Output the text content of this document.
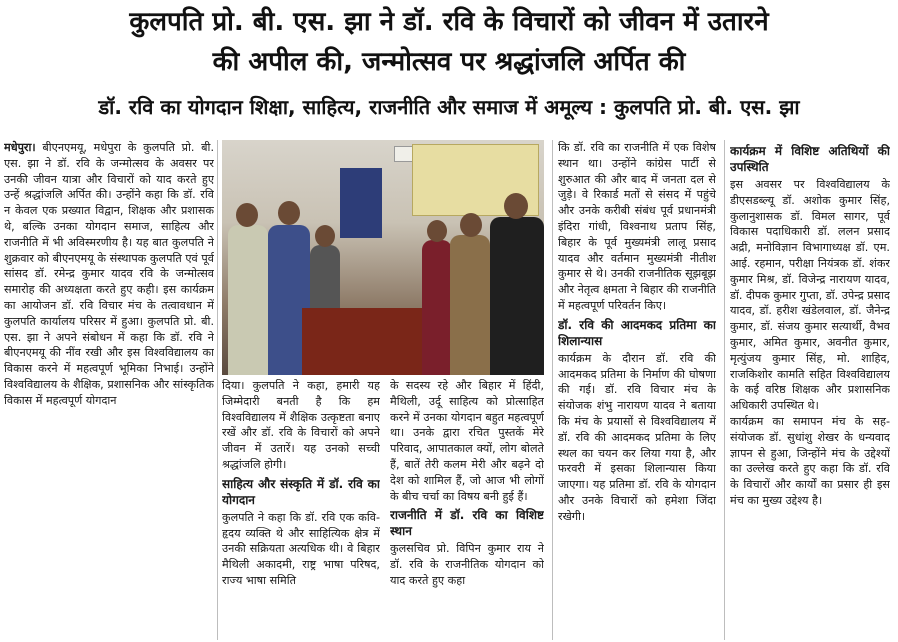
कुलपति प्रो. बी. एस. झा ने डॉ. रवि के विचारों को जीवन में उतारने
की अपील की, जन्मोत्सव पर श्रद्धांजलि अर्पित की
डॉ. रवि का योगदान शिक्षा, साहित्य, राजनीति और समाज में अमूल्य : कुलपति प्रो. बी. एस. झा

मधेपुरा। बीएनएमयू, मधेपुरा के कुलपति प्रो. बी. एस. झा ने डॉ. रवि के जन्मोत्सव के अवसर पर उनकी जीवन यात्रा और विचारों को याद करते हुए उन्हें श्रद्धांजलि अर्पित की। उन्होंने कहा कि डॉ. रवि न केवल एक प्रख्यात विद्वान, शिक्षक और प्रशासक थे, बल्कि उनका योगदान समाज, साहित्य और राजनीति में भी अविस्मरणीय है। यह बात कुलपति ने शुक्रवार को बीएनएमयू के संस्थापक कुलपति एवं पूर्व सांसद डॉ. रमेन्द्र कुमार यादव रवि के जन्मोत्सव समारोह की अध्यक्षता करते हुए कही। इस कार्यक्रम का आयोजन डॉ. रवि विचार मंच के तत्वावधान में कुलपति कार्यालय परिसर में हुआ। कुलपति प्रो. बी. एस. झा ने अपने संबोधन में कहा कि डॉ. रवि ने बीएनएमयू की नींव रखी और इस विश्वविद्यालय का विकास करने में महत्वपूर्ण भूमिका निभाई। उन्होंने विश्वविद्यालय के शैक्षिक, प्रशासनिक और सांस्कृतिक विकास में महत्वपूर्ण योगदान

दिया। कुलपति ने कहा, हमारी यह जिम्मेदारी बनती है कि हम विश्वविद्यालय में शैक्षिक उत्कृष्टता बनाए रखें और डॉ. रवि के विचारों को अपने जीवन में उतारें। यह उनको सच्ची श्रद्धांजलि होगी।

साहित्य और संस्कृति में डॉ. रवि का योगदान

कुलपति ने कहा कि डॉ. रवि एक कवि-हृदय व्यक्ति थे और साहित्यिक क्षेत्र में उनकी सक्रियता अत्यधिक थी। वे बिहार मैथिली अकादमी, राष्ट्र भाषा परिषद, राज्य भाषा समिति

के सदस्य रहे और बिहार में हिंदी, मैथिली, उर्दू साहित्य को प्रोत्साहित करने में उनका योगदान बहुत महत्वपूर्ण था। उनके द्वारा रचित पुस्तकें मेरे परिवाद, आपातकाल क्यों, लोग बोलते हैं, बातें तेरी कलम मेरी और बढ़ने दो देश को शामिल हैं, जो आज भी लोगों के बीच चर्चा का विषय बनी हुई हैं।

राजनीति में डॉ. रवि का विशिष्ट स्थान

कुलसचिव प्रो. विपिन कुमार राय ने डॉ. रवि के राजनीतिक योगदान को याद करते हुए कहा

कि डॉ. रवि का राजनीति में एक विशेष स्थान था। उन्होंने कांग्रेस पार्टी से शुरुआत की और बाद में जनता दल से जुड़े। वे रिकार्ड मतों से संसद में पहुंचे और उनके करीबी संबंध पूर्व प्रधानमंत्री इंदिरा गांधी, विश्वनाथ प्रताप सिंह, बिहार के पूर्व मुख्यमंत्री लालू प्रसाद यादव और वर्तमान मुख्यमंत्री नीतीश कुमार से थे। उनकी राजनीतिक सूझबूझ और नेतृत्व क्षमता ने बिहार की राजनीति में महत्वपूर्ण परिवर्तन किए।

डॉ. रवि की आदमकद प्रतिमा का शिलान्यास

कार्यक्रम के दौरान डॉ. रवि की आदमकद प्रतिमा के निर्माण की घोषणा की गई। डॉ. रवि विचार मंच के संयोजक शंभु नारायण यादव ने बताया कि मंच के प्रयासों से विश्वविद्यालय में डॉ. रवि की आदमकद प्रतिमा के लिए स्थल का चयन कर लिया गया है, और फरवरी में इसका शिलान्यास किया जाएगा। यह प्रतिमा डॉ. रवि के योगदान और उनके विचारों को हमेशा जिंदा रखेगी।

कार्यक्रम में विशिष्ट अतिथियों की उपस्थिति

इस अवसर पर विश्वविद्यालय के डीएसडब्ल्यू डॉ. अशोक कुमार सिंह, कुलानुशासक डॉ. विमल सागर, पूर्व विकास पदाधिकारी डॉ. ललन प्रसाद अद्री, मनोविज्ञान विभागाध्यक्ष डॉ. एम. आई. रहमान, परीक्षा नियंत्रक डॉ. शंकर कुमार मिश्र, डॉ. विजेन्द्र नारायण यादव, डॉ. दीपक कुमार गुप्ता, डॉ. उपेन्द्र प्रसाद यादव, डॉ. हरीश खंडेलवाल, डॉ. जैनेन्द्र कुमार, डॉ. संजय कुमार सत्यार्थी, वैभव कुमार, अमित कुमार, अवनीत कुमार, मृत्युंजय कुमार सिंह, मो. शाहिद, राजकिशोर कामति सहित विश्वविद्यालय के कई वरिष्ठ शिक्षक और प्रशासनिक अधिकारी उपस्थित थे।

कार्यक्रम का समापन मंच के सह-संयोजक डॉ. सुधांशु शेखर के धन्यवाद ज्ञापन से हुआ, जिन्होंने मंच के उद्देश्यों का उल्लेख करते हुए कहा कि डॉ. रवि के विचारों और कार्यों का प्रसार ही इस मंच का मुख्य उद्देश्य है।
